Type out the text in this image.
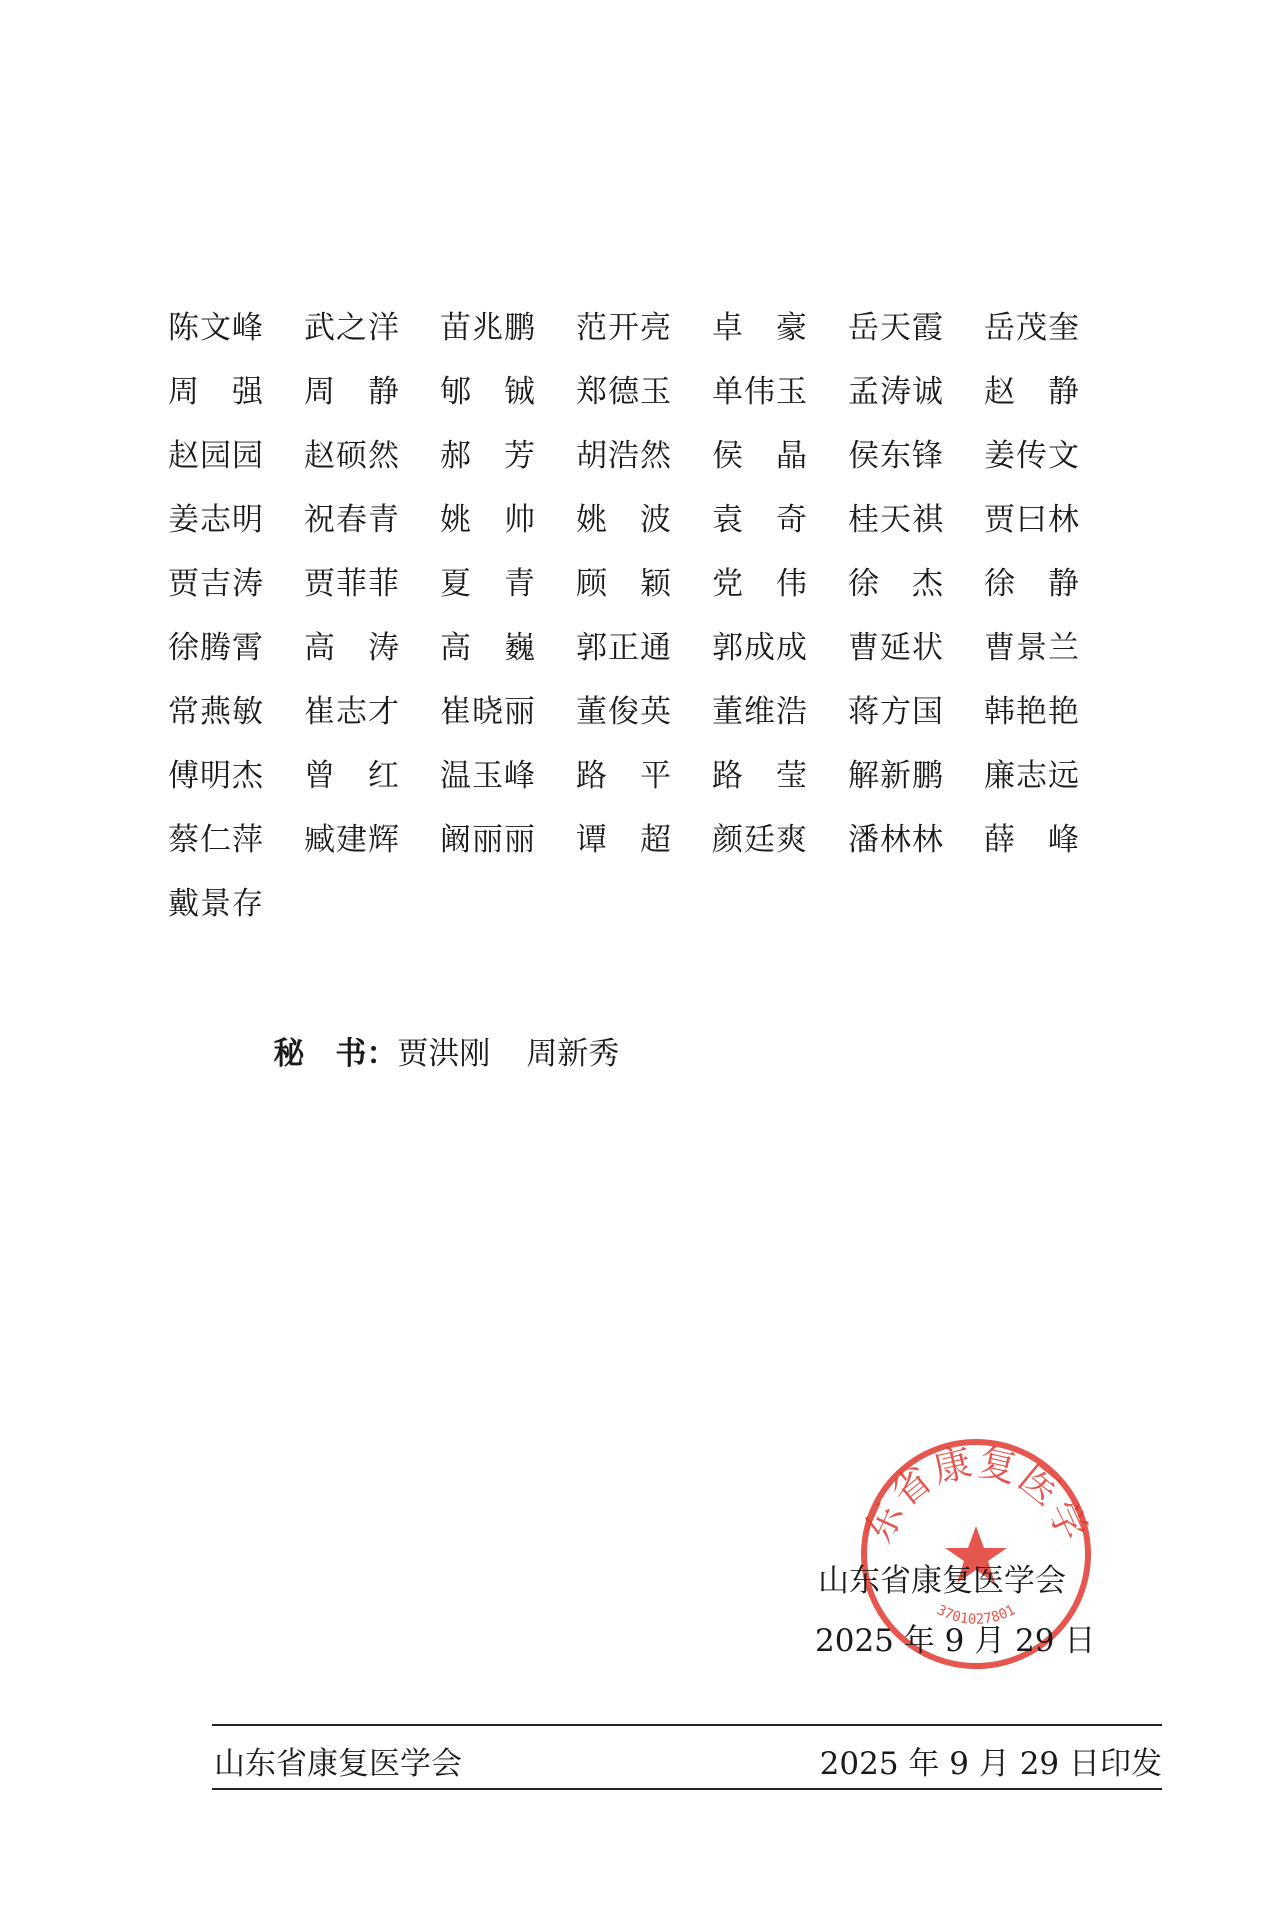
陈文峰	武之洋	苗兆鹏	范开亮	卓　豪	岳天霞	岳茂奎
周　强	周　静	郇　铖	郑德玉	单伟玉	孟涛诚	赵　静
赵园园	赵硕然	郝　芳	胡浩然	侯　晶	侯东锋	姜传文
姜志明	祝春青	姚　帅	姚　波	袁　奇	桂天祺	贾曰林
贾吉涛	贾菲菲	夏　青	顾　颖	党　伟	徐　杰	徐　静
徐腾霄	高　涛	高　巍	郭正通	郭成成	曹延状	曹景兰
常燕敏	崔志才	崔晓丽	董俊英	董维浩	蒋方国	韩艳艳
傅明杰	曾　红	温玉峰	路　平	路　莹	解新鹏	廉志远
蔡仁萍	臧建辉	阚丽丽	谭　超	颜廷爽	潘林林	薛　峰
戴景存

秘　书：贾洪刚 周新秀

东省康复医学
3701027801
山东省康复医学会
2025 年 9 月 29 日
山东省康复医学会	2025 年 9 月 29 日印发
